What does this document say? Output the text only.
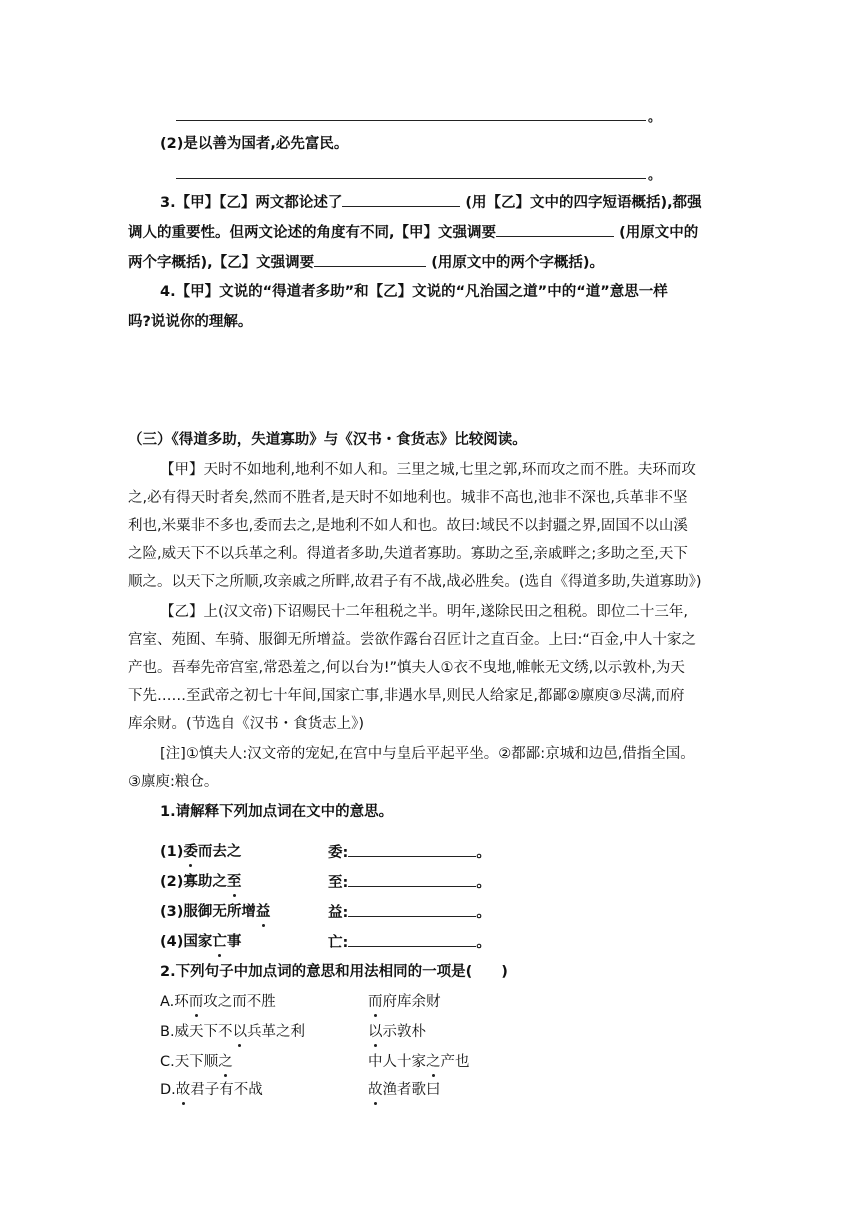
。
(2)是以善为国者,必先富民。
。
3.【甲】【乙】两文都论述了	(用【乙】文中的四字短语概括),都强
调人的重要性。但两文论述的角度有不同,【甲】文强调要	(用原文中的
两个字概括),【乙】文强调要	(用原文中的两个字概括)。
4.【甲】文说的“得道者多助”和【乙】文说的“凡治国之道”中的“道”意思一样
吗?说说你的理解。
（三）《得道多助，失道寡助》与《汉书・食货志》比较阅读。
【甲】天时不如地利,地利不如人和。三里之城,七里之郭,环而攻之而不胜。夫环而攻
之,必有得天时者矣,然而不胜者,是天时不如地利也。城非不高也,池非不深也,兵革非不坚
利也,米粟非不多也,委而去之,是地利不如人和也。故曰:域民不以封疆之界,固国不以山溪
之险,威天下不以兵革之利。得道者多助,失道者寡助。寡助之至,亲戚畔之;多助之至,天下
顺之。以天下之所顺,攻亲戚之所畔,故君子有不战,战必胜矣。(选自《得道多助,失道寡助》)
【乙】上(汉文帝)下诏赐民十二年租税之半。明年,遂除民田之租税。即位二十三年,
宫室、苑囿、车骑、服御无所增益。尝欲作露台召匠计之直百金。上曰:“百金,中人十家之
产也。吾奉先帝宫室,常恐羞之,何以台为!”慎夫人①衣不曳地,帷帐无文绣,以示敦朴,为天
下先……至武帝之初七十年间,国家亡事,非遇水旱,则民人给家足,都鄙②廪庾③尽满,而府
库余财。(节选自《汉书・食货志上》)
[注]①慎夫人:汉文帝的宠妃,在宫中与皇后平起平坐。②都鄙:京城和边邑,借指全国。
③廪庾:粮仓。
1.请解释下列加点词在文中的意思。
(1)委而去之	委:	。
(2)寡助之至	至:	。
(3)服御无所增益	益:	。
(4)国家亡事	亡:	。
2.下列句子中加点词的意思和用法相同的一项是(　　)
A.环而攻之而不胜	而府库余财
B.威天下不以兵革之利	以示敦朴
C.天下顺之	中人十家之产也
D.故君子有不战	故渔者歌曰
